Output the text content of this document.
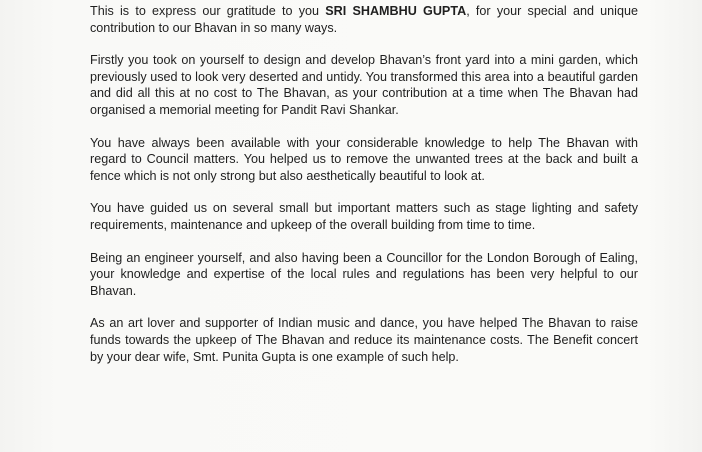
This is to express our gratitude to you SRI SHAMBHU GUPTA, for your special and unique contribution to our Bhavan in so many ways.

Firstly you took on yourself to design and develop Bhavan’s front yard into a mini garden, which previously used to look very deserted and untidy. You transformed this area into a beautiful garden and did all this at no cost to The Bhavan, as your contribution at a time when The Bhavan had organised a memorial meeting for Pandit Ravi Shankar.

You have always been available with your considerable knowledge to help The Bhavan with regard to Council matters. You helped us to remove the unwanted trees at the back and built a fence which is not only strong but also aesthetically beautiful to look at.

You have guided us on several small but important matters such as stage lighting and safety requirements, maintenance and upkeep of the overall building from time to time.

Being an engineer yourself, and also having been a Councillor for the London Borough of Ealing, your knowledge and expertise of the local rules and regulations has been very helpful to our Bhavan.

As an art lover and supporter of Indian music and dance, you have helped The Bhavan to raise funds towards the upkeep of The Bhavan and reduce its maintenance costs. The Benefit concert by your dear wife, Smt. Punita Gupta is one example of such help.
